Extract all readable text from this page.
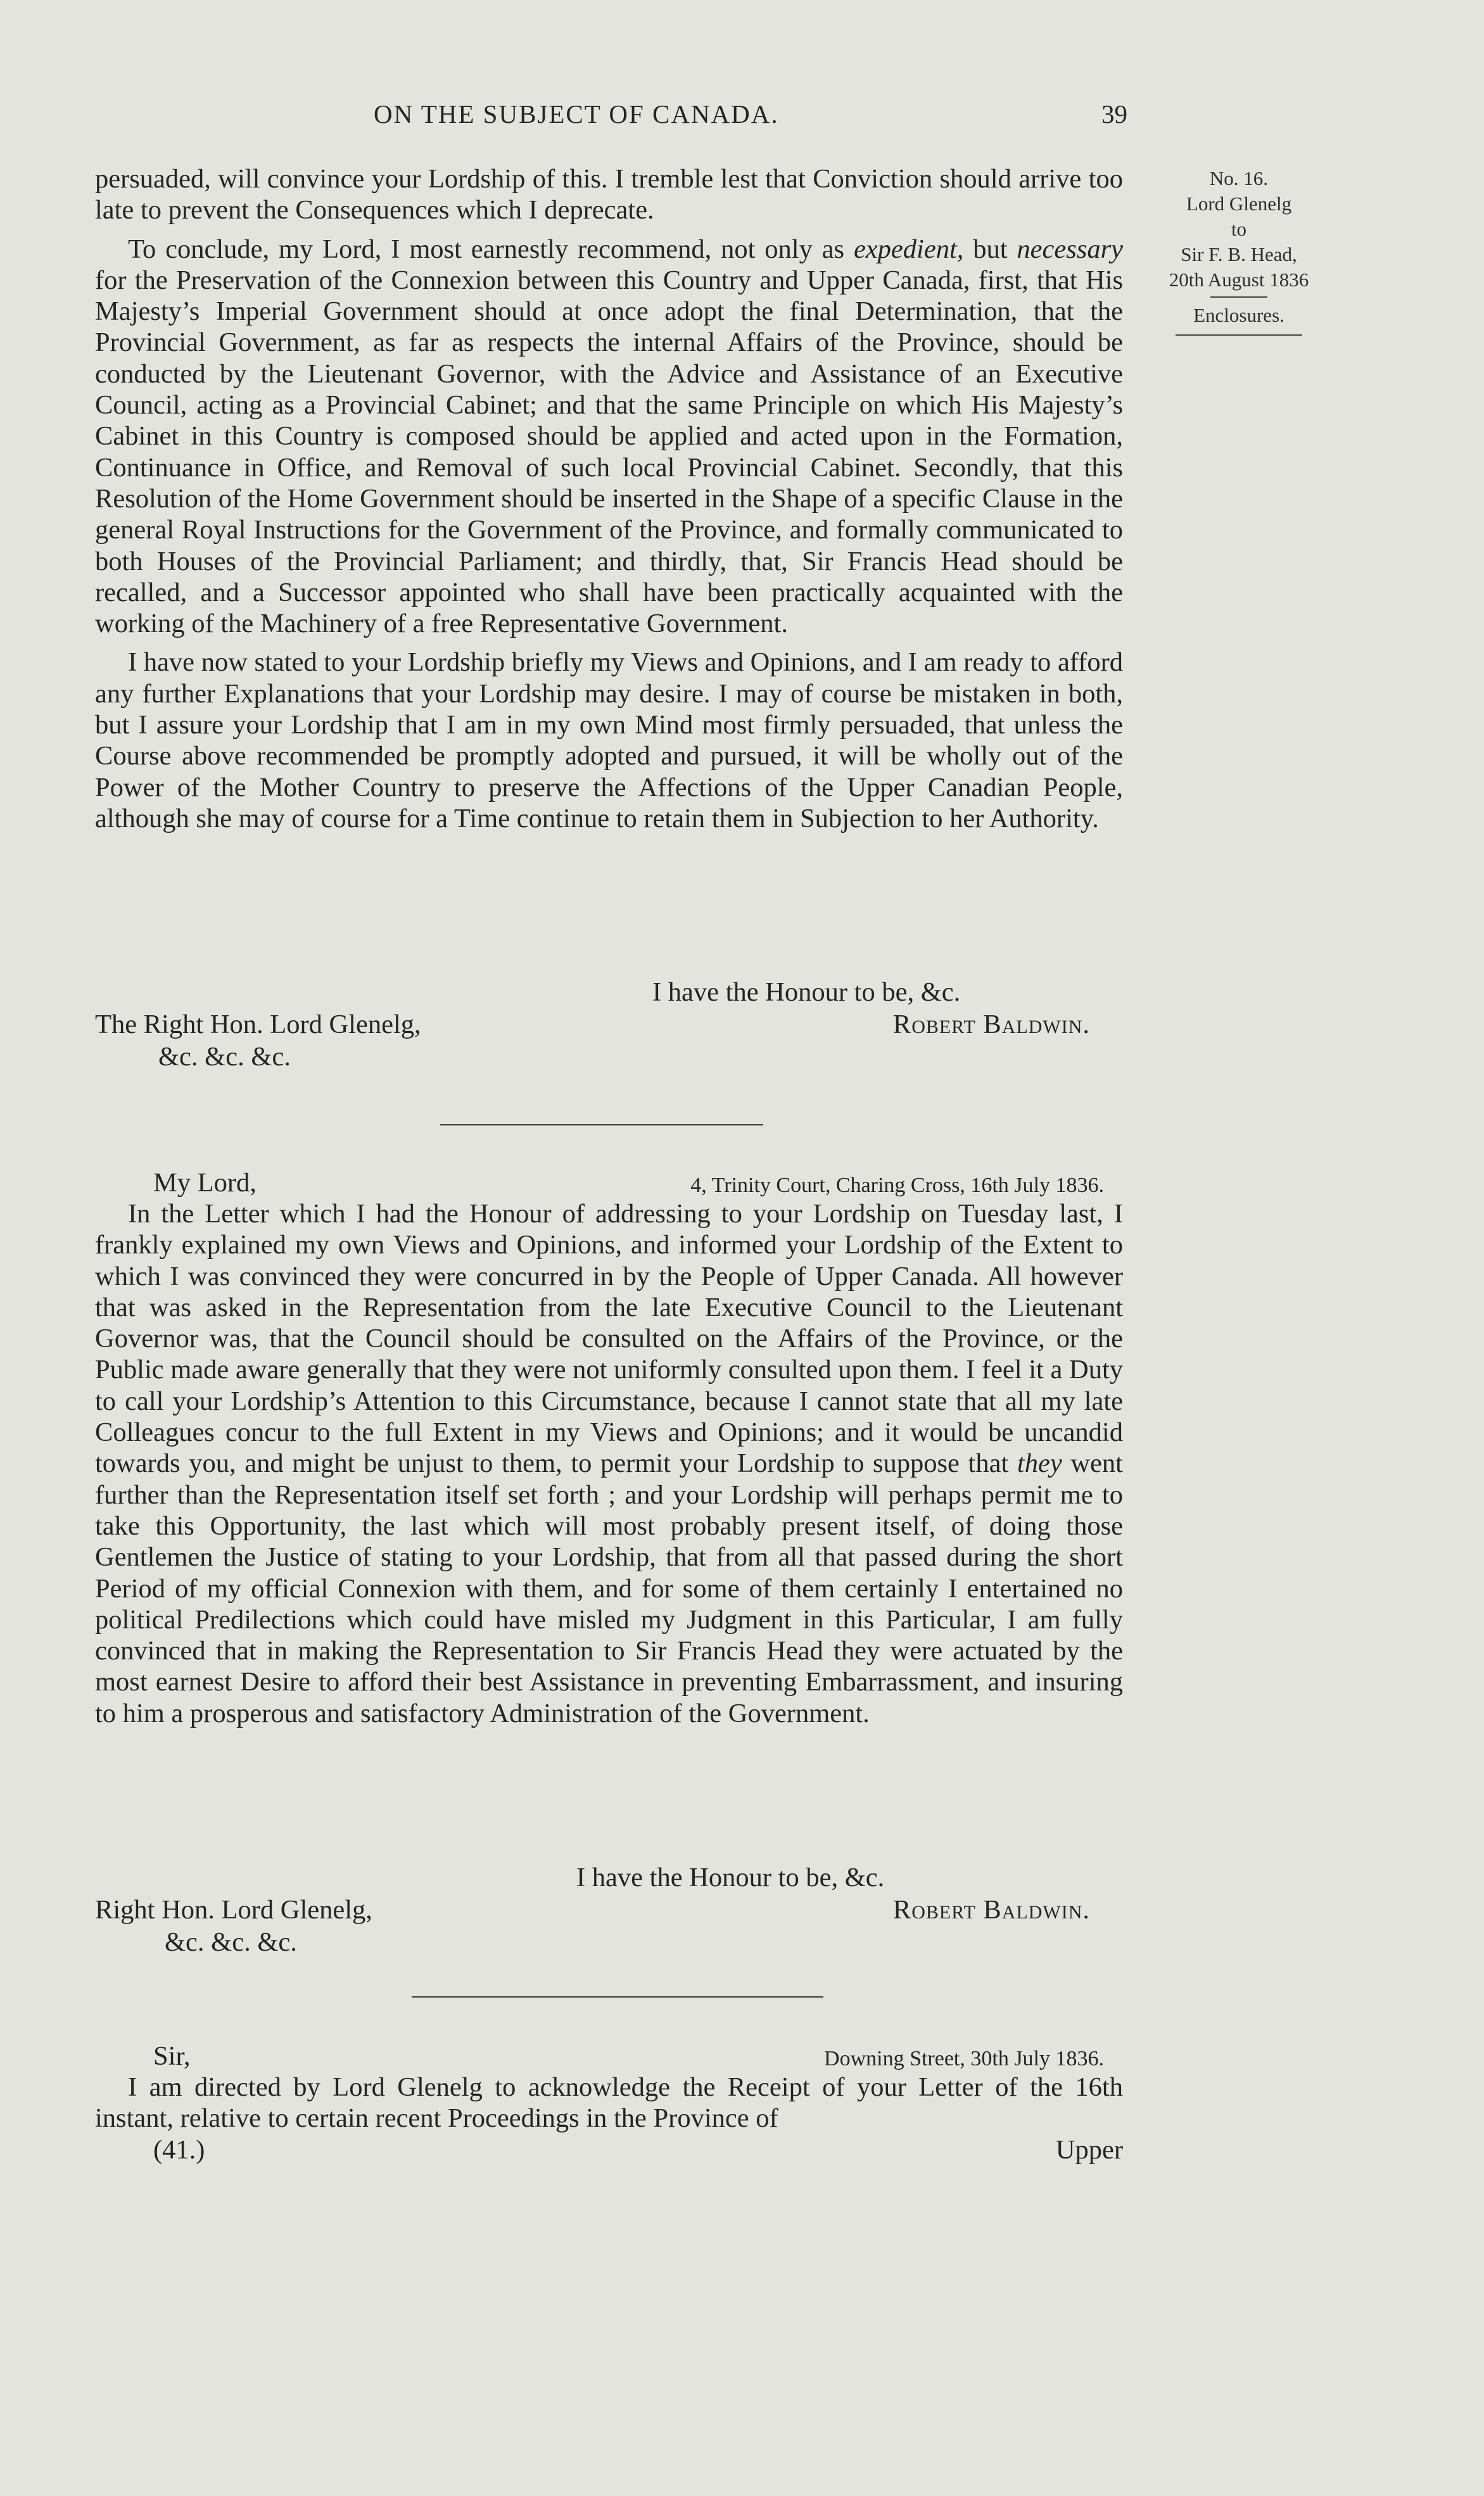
ON THE SUBJECT OF CANADA.	39
No. 16.
Lord Glenelg
to
Sir F. B. Head,
20th August 1836
Enclosures.

persuaded, will convince your Lordship of this. I tremble lest that Conviction should arrive too late to prevent the Consequences which I deprecate.

To conclude, my Lord, I most earnestly recommend, not only as expedient, but necessary for the Preservation of the Connexion between this Country and Upper Canada, first, that His Majesty’s Imperial Government should at once adopt the final Determination, that the Provincial Government, as far as respects the internal Affairs of the Province, should be conducted by the Lieutenant Governor, with the Advice and Assistance of an Executive Council, acting as a Provincial Cabinet; and that the same Principle on which His Majesty’s Cabinet in this Country is composed should be applied and acted upon in the Formation, Continuance in Office, and Removal of such local Provincial Cabinet. Secondly, that this Resolution of the Home Government should be inserted in the Shape of a specific Clause in the general Royal Instructions for the Government of the Province, and formally communicated to both Houses of the Provincial Parliament; and thirdly, that, Sir Francis Head should be recalled, and a Successor appointed who shall have been practically acquainted with the working of the Machinery of a free Representative Government.

I have now stated to your Lordship briefly my Views and Opinions, and I am ready to afford any further Explanations that your Lordship may desire. I may of course be mistaken in both, but I assure your Lordship that I am in my own Mind most firmly persuaded, that unless the Course above recommended be promptly adopted and pursued, it will be wholly out of the Power of the Mother Country to preserve the Affections of the Upper Canadian People, although she may of course for a Time continue to retain them in Subjection to her Authority.

I have the Honour to be, &c.
The Right Hon. Lord Glenelg,	Robert Baldwin.
&c. &c. &c.
My Lord,	4, Trinity Court, Charing Cross, 16th July 1836.

In the Letter which I had the Honour of addressing to your Lordship on Tuesday last, I frankly explained my own Views and Opinions, and informed your Lordship of the Extent to which I was convinced they were concurred in by the People of Upper Canada. All however that was asked in the Representation from the late Executive Council to the Lieutenant Governor was, that the Council should be consulted on the Affairs of the Province, or the Public made aware generally that they were not uniformly consulted upon them. I feel it a Duty to call your Lordship’s Attention to this Circumstance, because I cannot state that all my late Colleagues concur to the full Extent in my Views and Opinions; and it would be uncandid towards you, and might be unjust to them, to permit your Lordship to suppose that they went further than the Representation itself set forth ; and your Lordship will perhaps permit me to take this Opportunity, the last which will most probably present itself, of doing those Gentlemen the Justice of stating to your Lordship, that from all that passed during the short Period of my official Connexion with them, and for some of them certainly I entertained no political Predilections which could have misled my Judgment in this Particular, I am fully convinced that in making the Representation to Sir Francis Head they were actuated by the most earnest Desire to afford their best Assistance in preventing Embarrassment, and insuring to him a prosperous and satisfactory Administration of the Government.

I have the Honour to be, &c.
Right Hon. Lord Glenelg,	Robert Baldwin.
&c. &c. &c.
Sir,	Downing Street, 30th July 1836.

I am directed by Lord Glenelg to acknowledge the Receipt of your Letter of the 16th instant, relative to certain recent Proceedings in the Province of

(41.)	Upper
